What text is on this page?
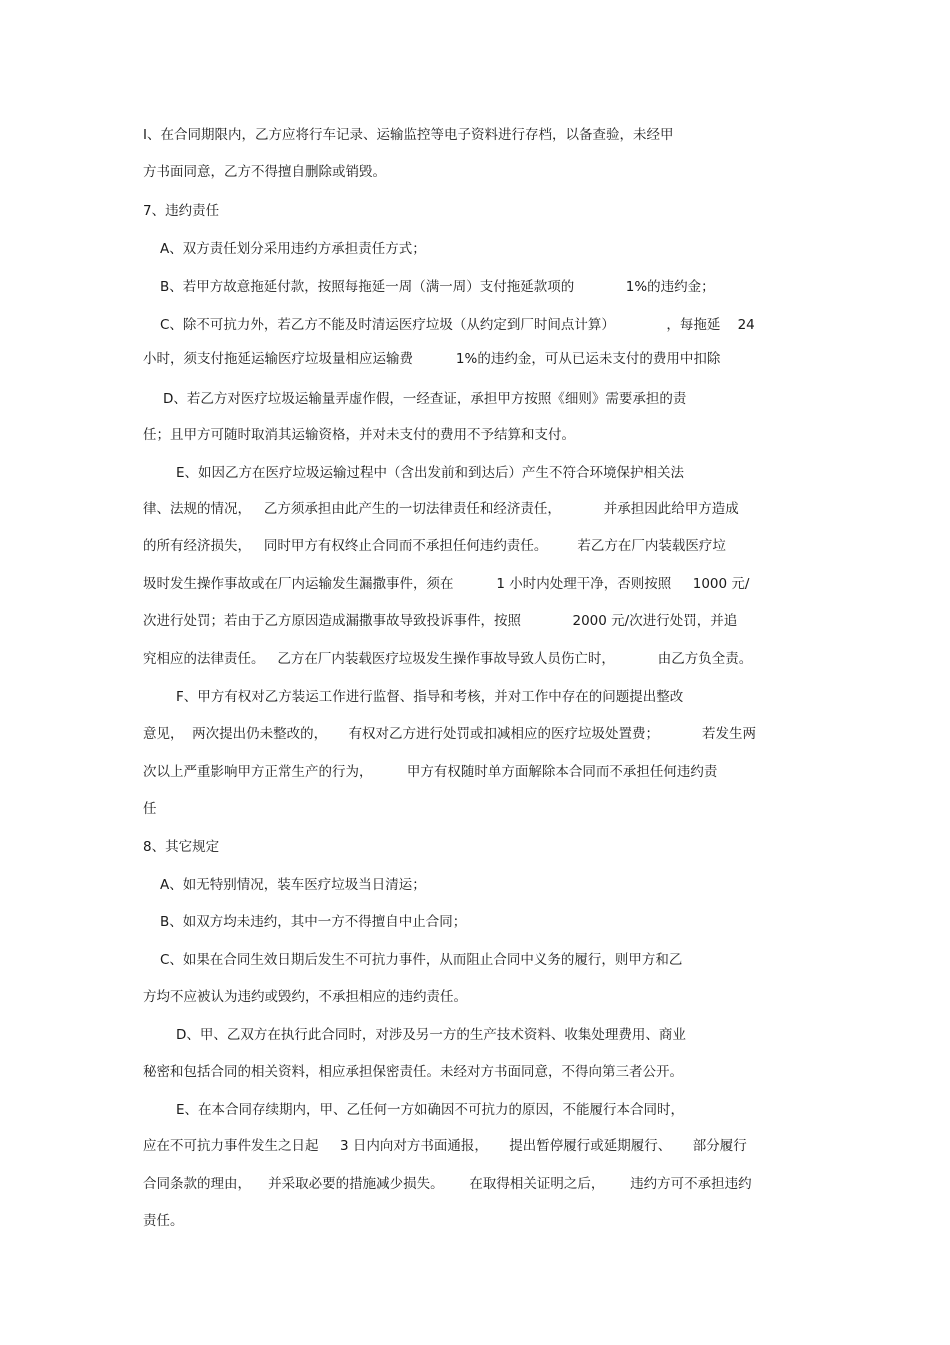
I、在合同期限内，乙方应将行车记录、运输监控等电子资料进行存档，以备查验，未经甲
方书面同意，乙方不得擅自删除或销毁。
7、违约责任
A、双方责任划分采用违约方承担责任方式；
B、若甲方故意拖延付款，按照每拖延一周（满一周）支付拖延款项的            1%的违约金；
C、除不可抗力外，若乙方不能及时清运医疗垃圾（从约定到厂时间点计算）            ，每拖延    24
小时，须支付拖延运输医疗垃圾量相应运输费          1%的违约金，可从已运未支付的费用中扣除
D、若乙方对医疗垃圾运输量弄虚作假，一经查证，承担甲方按照《细则》需要承担的责
任；且甲方可随时取消其运输资格，并对未支付的费用不予结算和支付。
E、如因乙方在医疗垃圾运输过程中（含出发前和到达后）产生不符合环境保护相关法
律、法规的情况，   乙方须承担由此产生的一切法律责任和经济责任，          并承担因此给甲方造成
的所有经济损失，   同时甲方有权终止合同而不承担任何违约责任。       若乙方在厂内装载医疗垃
圾时发生操作事故或在厂内运输发生漏撒事件，须在          1 小时内处理干净，否则按照     1000 元/
次进行处罚；若由于乙方原因造成漏撒事故导致投诉事件，按照            2000 元/次进行处罚，并追
究相应的法律责任。   乙方在厂内装载医疗垃圾发生操作事故导致人员伤亡时，          由乙方负全责。
F、甲方有权对乙方装运工作进行监督、指导和考核，并对工作中存在的问题提出整改
意见，  两次提出仍未整改的，     有权对乙方进行处罚或扣减相应的医疗垃圾处置费；          若发生两
次以上严重影响甲方正常生产的行为，        甲方有权随时单方面解除本合同而不承担任何违约责
任
8、其它规定
A、如无特别情况，装车医疗垃圾当日清运；
B、如双方均未违约，其中一方不得擅自中止合同；
C、如果在合同生效日期后发生不可抗力事件，从而阻止合同中义务的履行，则甲方和乙
方均不应被认为违约或毁约，不承担相应的违约责任。
D、甲、乙双方在执行此合同时，对涉及另一方的生产技术资料、收集处理费用、商业
秘密和包括合同的相关资料，相应承担保密责任。未经对方书面同意，不得向第三者公开。
E、在本合同存续期内，甲、乙任何一方如确因不可抗力的原因，不能履行本合同时，
应在不可抗力事件发生之日起     3 日内向对方书面通报，     提出暂停履行或延期履行、     部分履行
合同条款的理由，    并采取必要的措施减少损失。      在取得相关证明之后，      违约方可不承担违约
责任。
